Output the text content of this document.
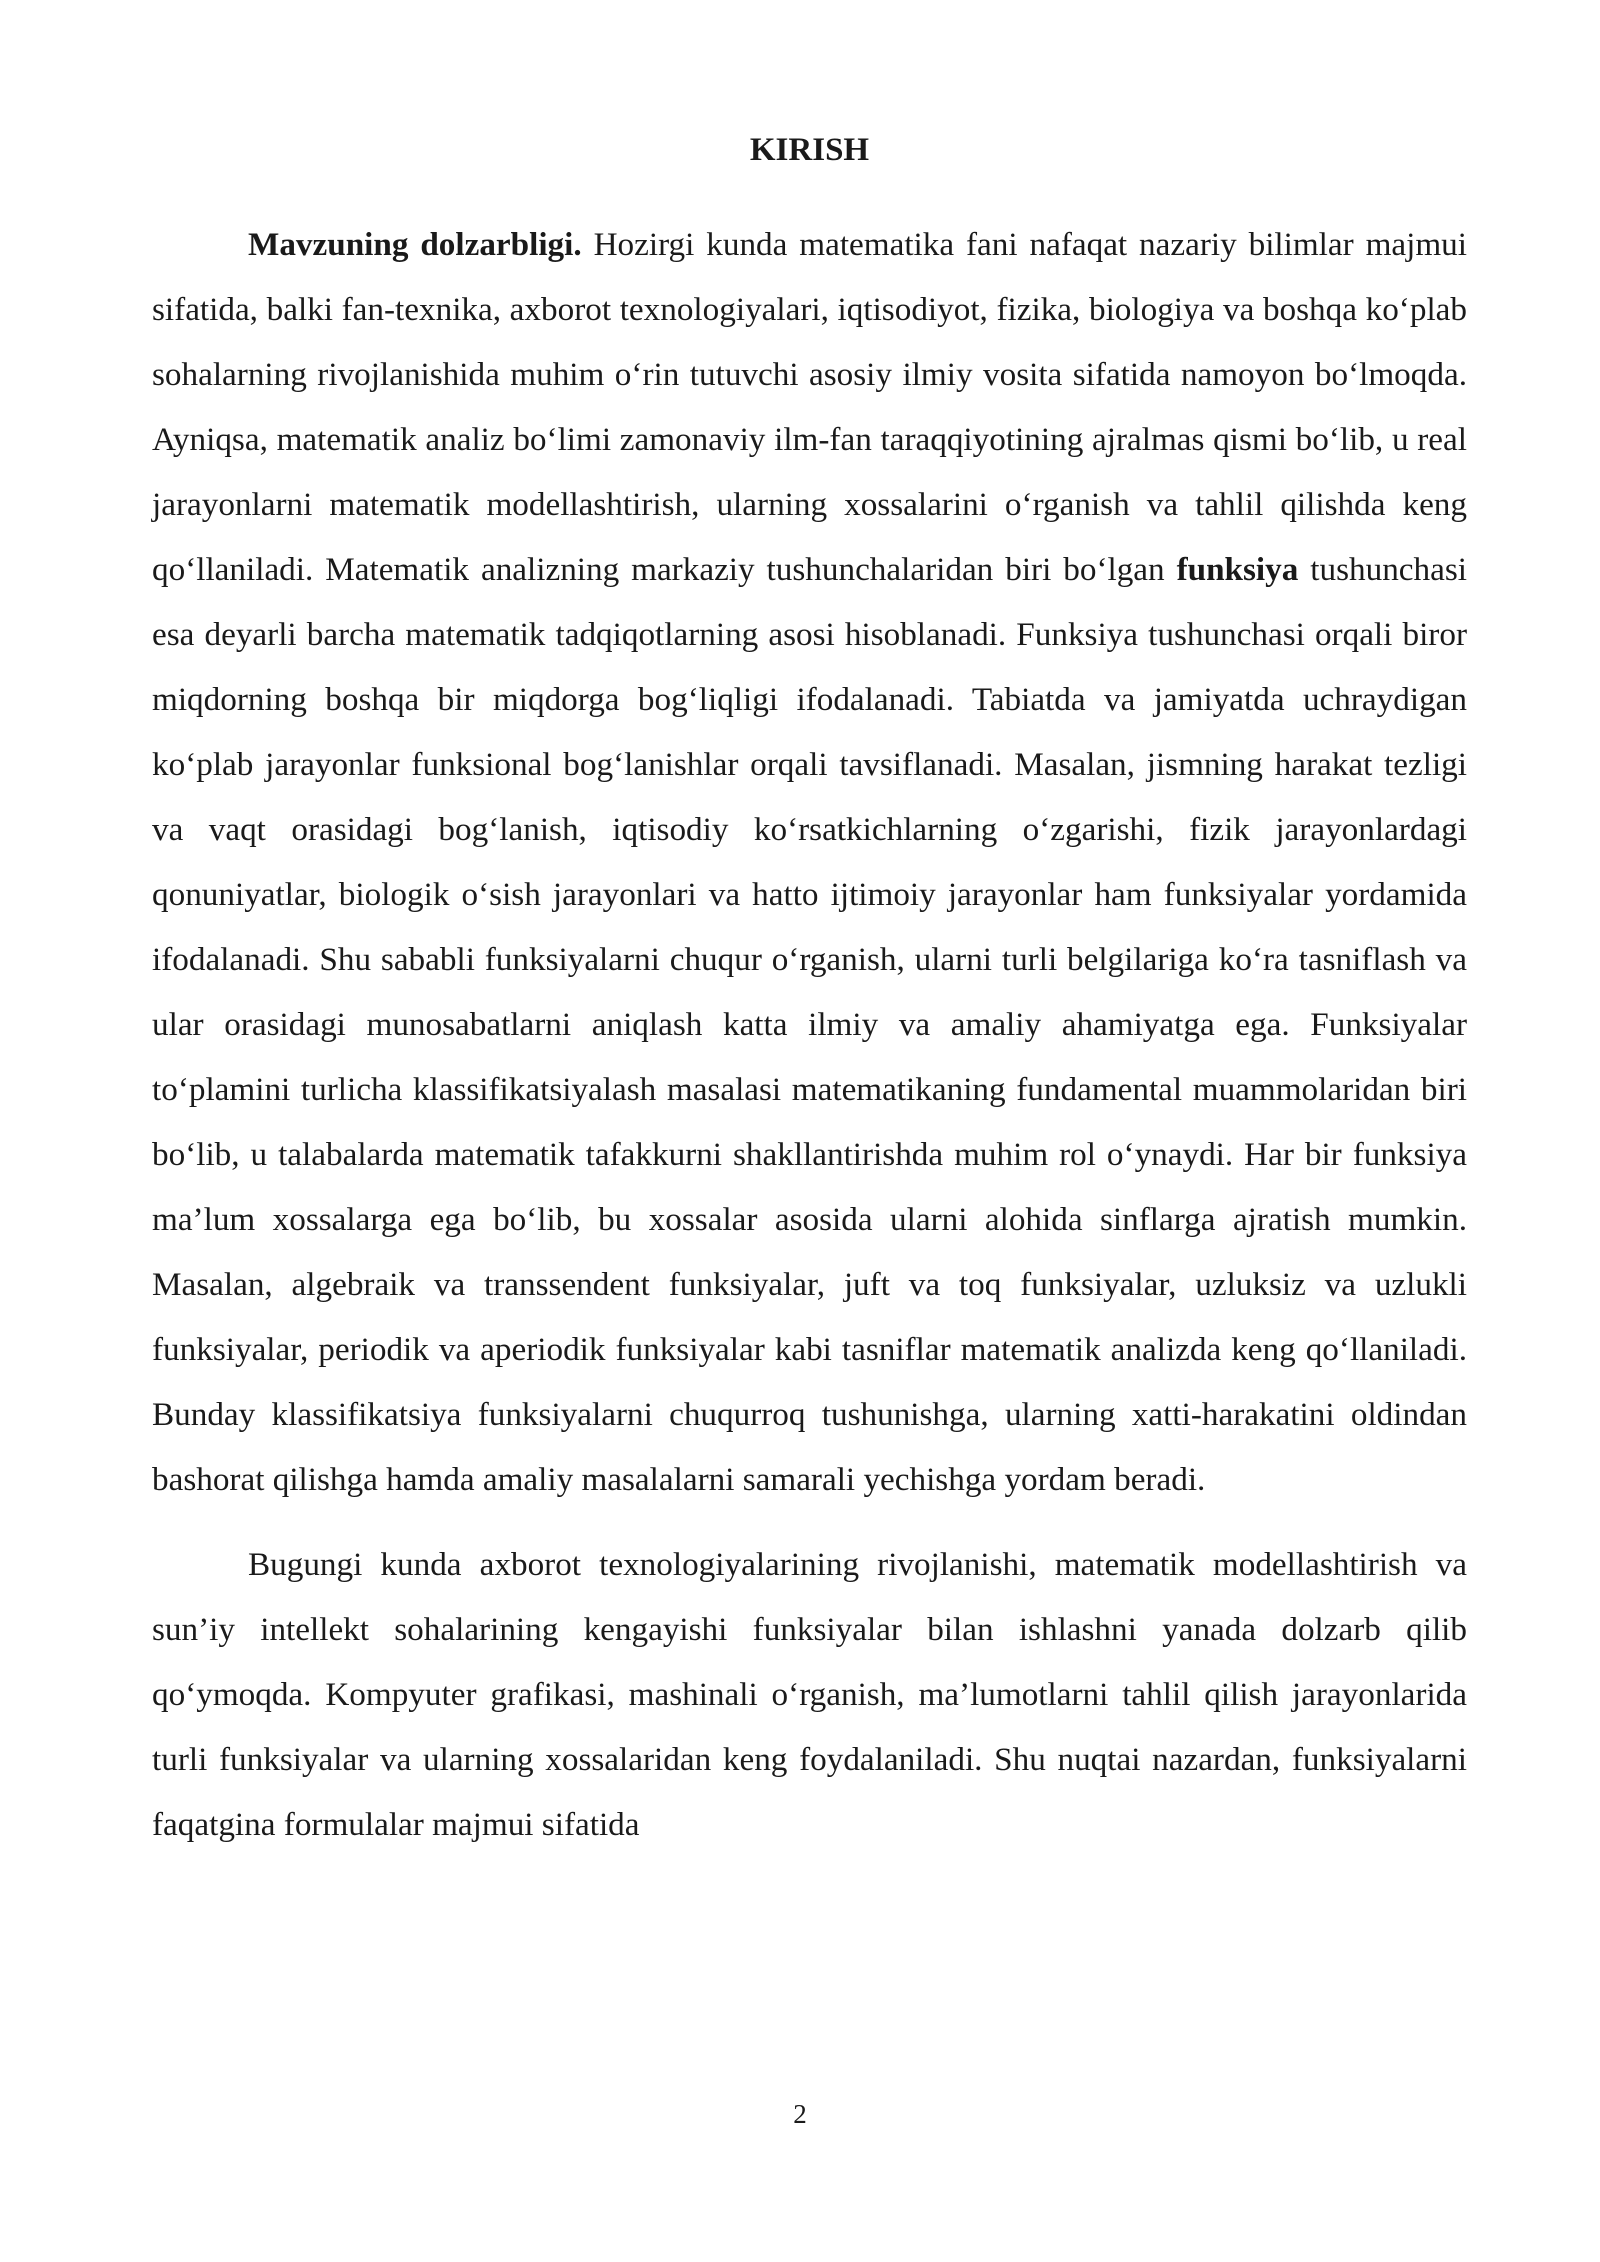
KIRISH

Mavzuning dolzarbligi. Hozirgi kunda matematika fani nafaqat nazariy bilimlar majmui sifatida, balki fan-texnika, axborot texnologiyalari, iqtisodiyot, fizika, biologiya va boshqa ko‘plab sohalarning rivojlanishida muhim o‘rin tutuvchi asosiy ilmiy vosita sifatida namoyon bo‘lmoqda. Ayniqsa, matematik analiz bo‘limi zamonaviy ilm-fan taraqqiyotining ajralmas qismi bo‘lib, u real jarayonlarni matematik modellashtirish, ularning xossalarini o‘rganish va tahlil qilishda keng qo‘llaniladi. Matematik analizning markaziy tushunchalaridan biri bo‘lgan funksiya tushunchasi esa deyarli barcha matematik tadqiqotlarning asosi hisoblanadi. Funksiya tushunchasi orqali biror miqdorning boshqa bir miqdorga bog‘liqligi ifodalanadi. Tabiatda va jamiyatda uchraydigan ko‘plab jarayonlar funksional bog‘lanishlar orqali tavsiflanadi. Masalan, jismning harakat tezligi va vaqt orasidagi bog‘lanish, iqtisodiy ko‘rsatkichlarning o‘zgarishi, fizik jarayonlardagi qonuniyatlar, biologik o‘sish jarayonlari va hatto ijtimoiy jarayonlar ham funksiyalar yordamida ifodalanadi. Shu sababli funksiyalarni chuqur o‘rganish, ularni turli belgilariga ko‘ra tasniflash va ular orasidagi munosabatlarni aniqlash katta ilmiy va amaliy ahamiyatga ega. Funksiyalar to‘plamini turlicha klassifikatsiyalash masalasi matematikaning fundamental muammolaridan biri bo‘lib, u talabalarda matematik tafakkurni shakllantirishda muhim rol o‘ynaydi. Har bir funksiya ma’lum xossalarga ega bo‘lib, bu xossalar asosida ularni alohida sinflarga ajratish mumkin. Masalan, algebraik va transsendent funksiyalar, juft va toq funksiyalar, uzluksiz va uzlukli funksiyalar, periodik va aperiodik funksiyalar kabi tasniflar matematik analizda keng qo‘llaniladi. Bunday klassifikatsiya funksiyalarni chuqurroq tushunishga, ularning xatti-harakatini oldindan bashorat qilishga hamda amaliy masalalarni samarali yechishga yordam beradi.

Bugungi kunda axborot texnologiyalarining rivojlanishi, matematik modellashtirish va sun’iy intellekt sohalarining kengayishi funksiyalar bilan ishlashni yanada dolzarb qilib qo‘ymoqda. Kompyuter grafikasi, mashinali o‘rganish, ma’lumotlarni tahlil qilish jarayonlarida turli funksiyalar va ularning xossalaridan keng foydalaniladi. Shu nuqtai nazardan, funksiyalarni faqatgina formulalar majmui sifatida

2
